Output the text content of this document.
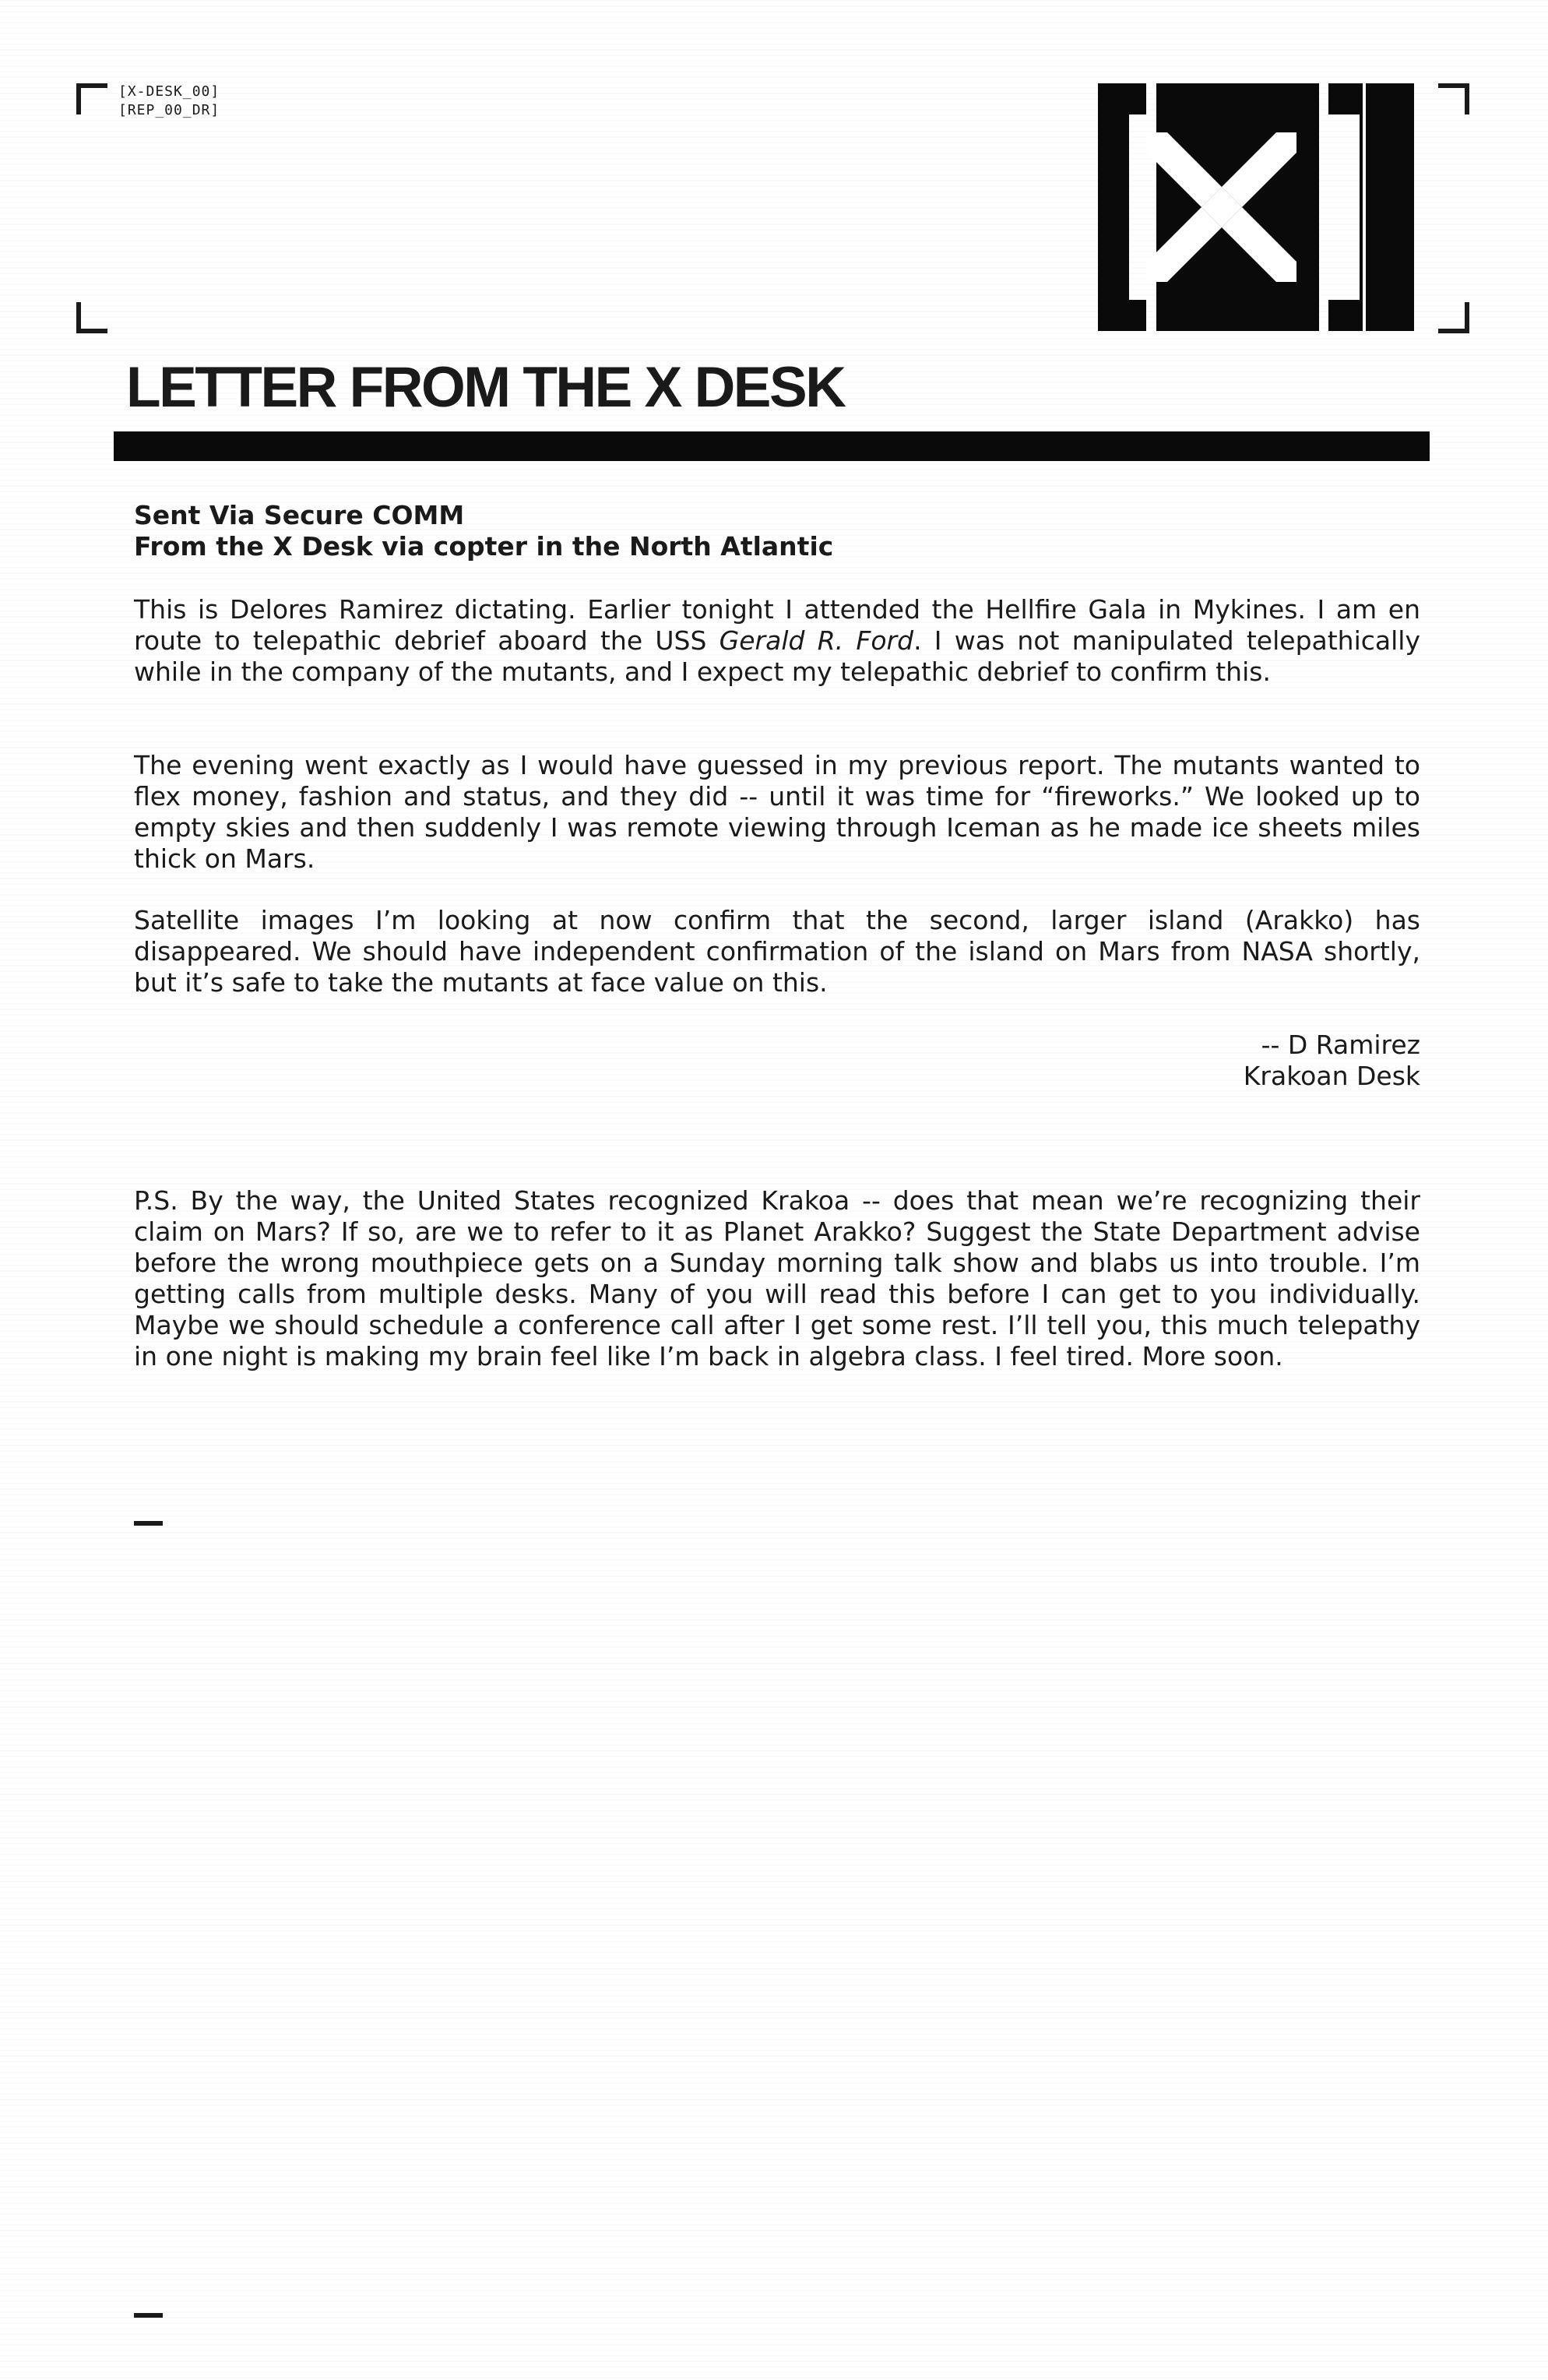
[X-DESK_00]
[REP_00_DR]
LETTER FROM THE X DESK
Sent Via Secure COMM
From the X Desk via copter in the North Atlantic

This is Delores Ramirez dictating. Earlier tonight I attended the Hellfire Gala in Mykines. I am en route to telepathic debrief aboard the USS Gerald R. Ford. I was not manipulated telepathically while in the company of the mutants, and I expect my telepathic debrief to confirm this.

The evening went exactly as I would have guessed in my previous report. The mutants wanted to flex money, fashion and status, and they did -- until it was time for “fireworks.” We looked up to empty skies and then suddenly I was remote viewing through Iceman as he made ice sheets miles thick on Mars.

Satellite images I’m looking at now confirm that the second, larger island (Arakko) has disappeared. We should have independent confirmation of the island on Mars from NASA shortly, but it’s safe to take the mutants at face value on this.

-- D Ramirez
Krakoan Desk

P.S. By the way, the United States recognized Krakoa -- does that mean we’re recognizing their claim on Mars? If so, are we to refer to it as Planet Arakko? Suggest the State Department advise before the wrong mouthpiece gets on a Sunday morning talk show and blabs us into trouble. I’m getting calls from multiple desks. Many of you will read this before I can get to you individually. Maybe we should schedule a conference call after I get some rest. I’ll tell you, this much telepathy in one night is making my brain feel like I’m back in algebra class. I feel tired. More soon.
